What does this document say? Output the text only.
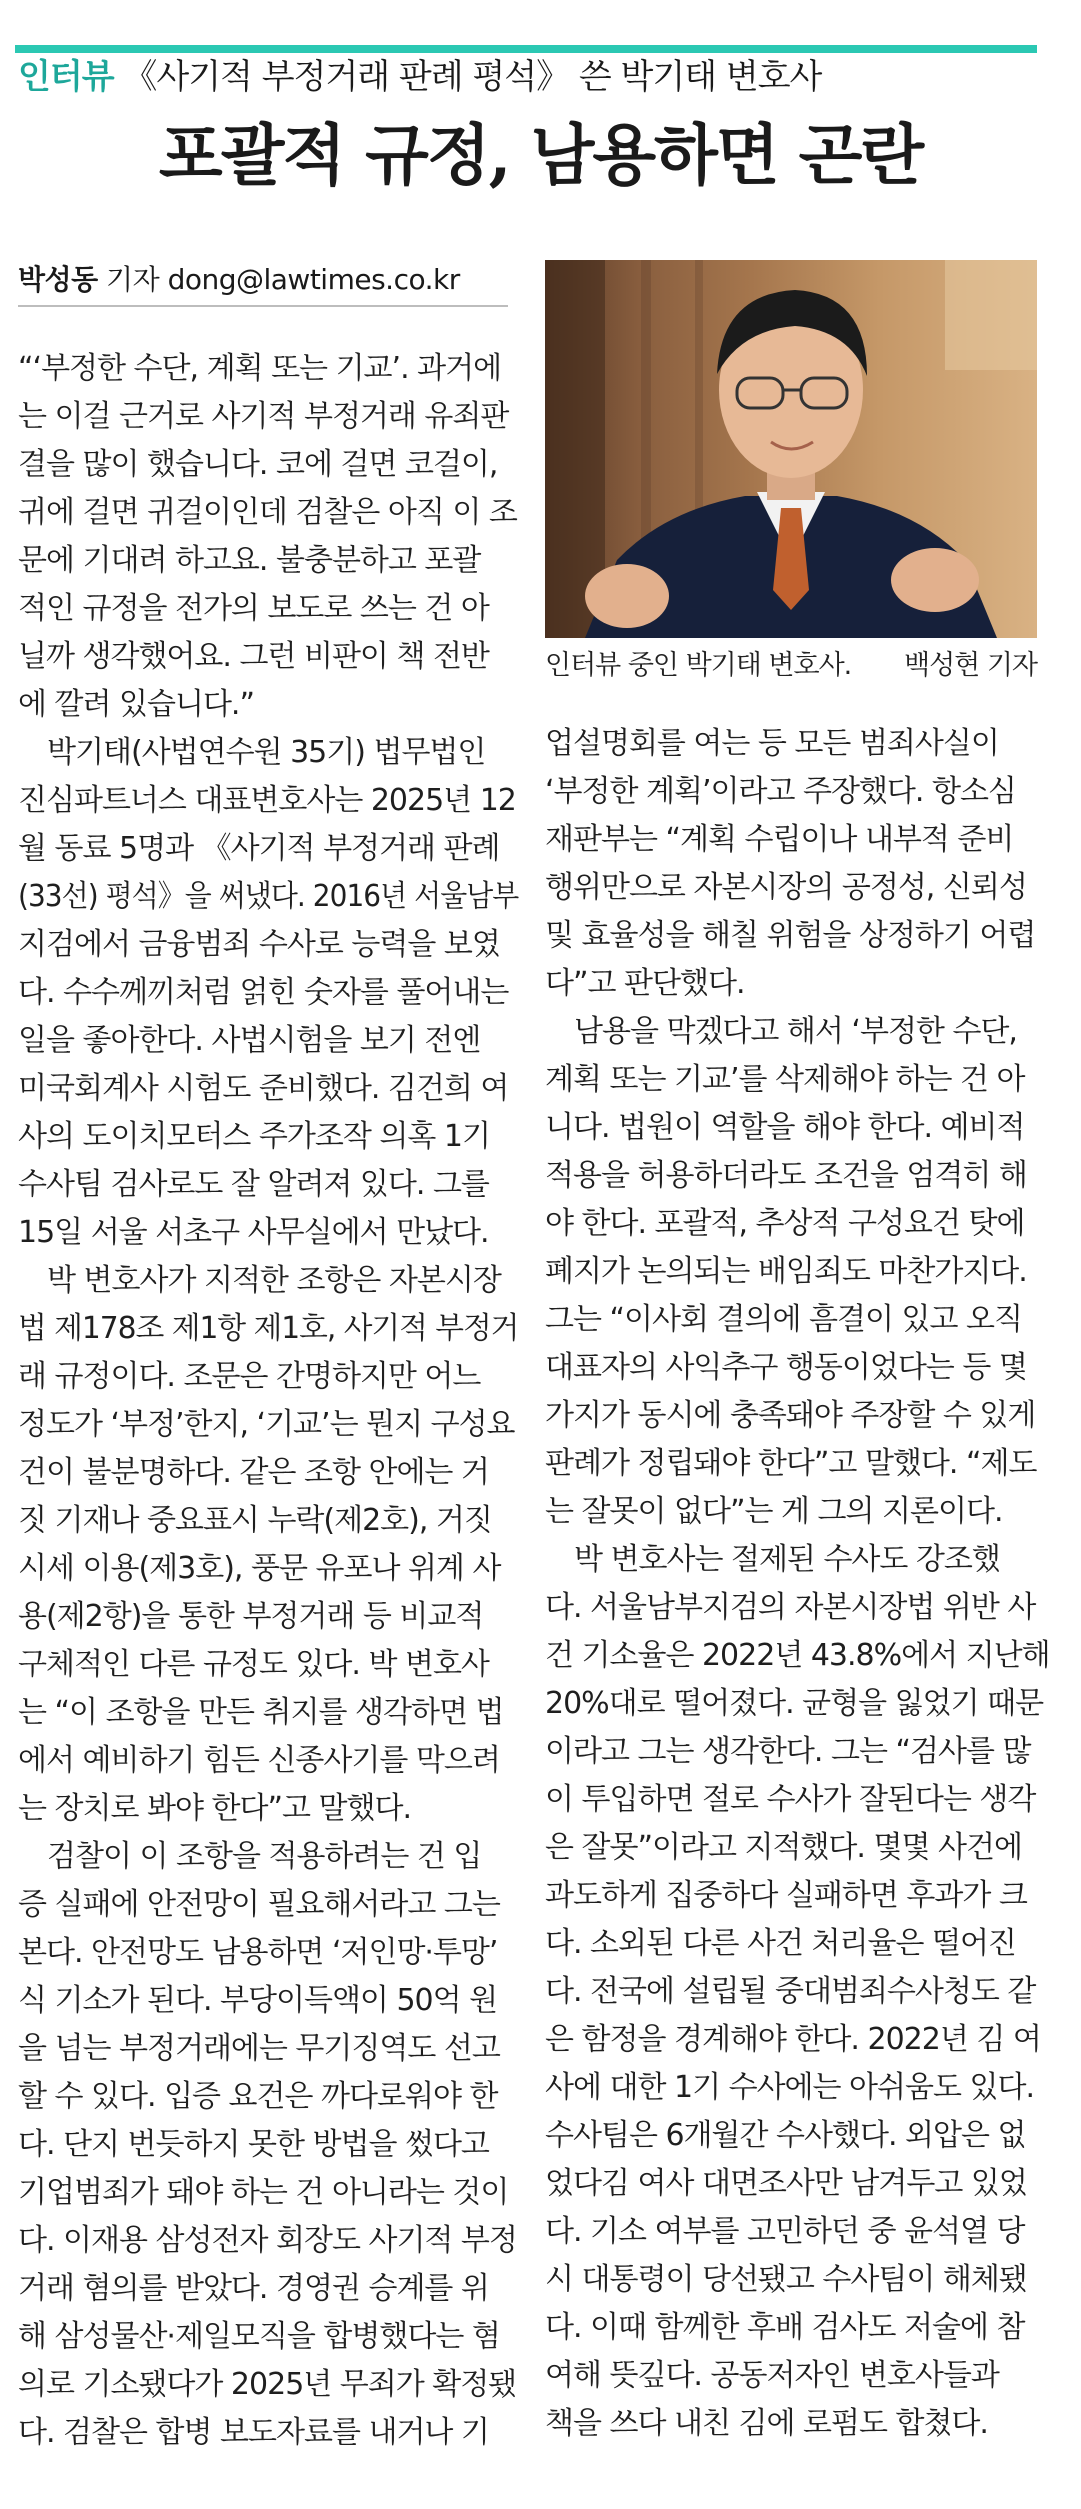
인터뷰 《사기적 부정거래 판례 평석》 쓴 박기태 변호사
포괄적 규정, 남용하면 곤란
박성동 기자 dong@lawtimes.co.kr
인터뷰 중인 박기태 변호사. 백성현 기자

“‘부정한 수단, 계획 또는 기교’. 과거에

는 이걸 근거로 사기적 부정거래 유죄판

결을 많이 했습니다. 코에 걸면 코걸이,

귀에 걸면 귀걸이인데 검찰은 아직 이 조

문에 기대려 하고요. 불충분하고 포괄

적인 규정을 전가의 보도로 쓰는 건 아

닐까 생각했어요. 그런 비판이 책 전반

에 깔려 있습니다.”

　박기태(사법연수원 35기) 법무법인

진심파트너스 대표변호사는 2025년 12

월 동료 5명과 《사기적 부정거래 판례

(33선) 평석》을 써냈다. 2016년 서울남부

지검에서 금융범죄 수사로 능력을 보였

다. 수수께끼처럼 얽힌 숫자를 풀어내는

일을 좋아한다. 사법시험을 보기 전엔

미국회계사 시험도 준비했다. 김건희 여

사의 도이치모터스 주가조작 의혹 1기

수사팀 검사로도 잘 알려져 있다. 그를

15일 서울 서초구 사무실에서 만났다.

　박 변호사가 지적한 조항은 자본시장

법 제178조 제1항 제1호, 사기적 부정거

래 규정이다. 조문은 간명하지만 어느

정도가 ‘부정’한지, ‘기교’는 뭔지 구성요

건이 불분명하다. 같은 조항 안에는 거

짓 기재나 중요표시 누락(제2호), 거짓

시세 이용(제3호), 풍문 유포나 위계 사

용(제2항)을 통한 부정거래 등 비교적

구체적인 다른 규정도 있다. 박 변호사

는 “이 조항을 만든 취지를 생각하면 법

에서 예비하기 힘든 신종사기를 막으려

는 장치로 봐야 한다”고 말했다.

　검찰이 이 조항을 적용하려는 건 입

증 실패에 안전망이 필요해서라고 그는

본다. 안전망도 남용하면 ‘저인망·투망’

식 기소가 된다. 부당이득액이 50억 원

을 넘는 부정거래에는 무기징역도 선고

할 수 있다. 입증 요건은 까다로워야 한

다. 단지 번듯하지 못한 방법을 썼다고

기업범죄가 돼야 하는 건 아니라는 것이

다. 이재용 삼성전자 회장도 사기적 부정

거래 혐의를 받았다. 경영권 승계를 위

해 삼성물산·제일모직을 합병했다는 혐

의로 기소됐다가 2025년 무죄가 확정됐

다. 검찰은 합병 보도자료를 내거나 기

업설명회를 여는 등 모든 범죄사실이

‘부정한 계획’이라고 주장했다. 항소심

재판부는 “계획 수립이나 내부적 준비

행위만으로 자본시장의 공정성, 신뢰성

및 효율성을 해칠 위험을 상정하기 어렵

다”고 판단했다.

　남용을 막겠다고 해서 ‘부정한 수단,

계획 또는 기교’를 삭제해야 하는 건 아

니다. 법원이 역할을 해야 한다. 예비적

적용을 허용하더라도 조건을 엄격히 해

야 한다. 포괄적, 추상적 구성요건 탓에

폐지가 논의되는 배임죄도 마찬가지다.

그는 “이사회 결의에 흠결이 있고 오직

대표자의 사익추구 행동이었다는 등 몇

가지가 동시에 충족돼야 주장할 수 있게

판례가 정립돼야 한다”고 말했다. “제도

는 잘못이 없다”는 게 그의 지론이다.

　박 변호사는 절제된 수사도 강조했

다. 서울남부지검의 자본시장법 위반 사

건 기소율은 2022년 43.8%에서 지난해

20%대로 떨어졌다. 균형을 잃었기 때문

이라고 그는 생각한다. 그는 “검사를 많

이 투입하면 절로 수사가 잘된다는 생각

은 잘못”이라고 지적했다. 몇몇 사건에

과도하게 집중하다 실패하면 후과가 크

다. 소외된 다른 사건 처리율은 떨어진

다. 전국에 설립될 중대범죄수사청도 같

은 함정을 경계해야 한다. 2022년 김 여

사에 대한 1기 수사에는 아쉬움도 있다.

수사팀은 6개월간 수사했다. 외압은 없

었다김 여사 대면조사만 남겨두고 있었

다. 기소 여부를 고민하던 중 윤석열 당

시 대통령이 당선됐고 수사팀이 해체됐

다. 이때 함께한 후배 검사도 저술에 참

여해 뜻깊다. 공동저자인 변호사들과

책을 쓰다 내친 김에 로펌도 합쳤다.
